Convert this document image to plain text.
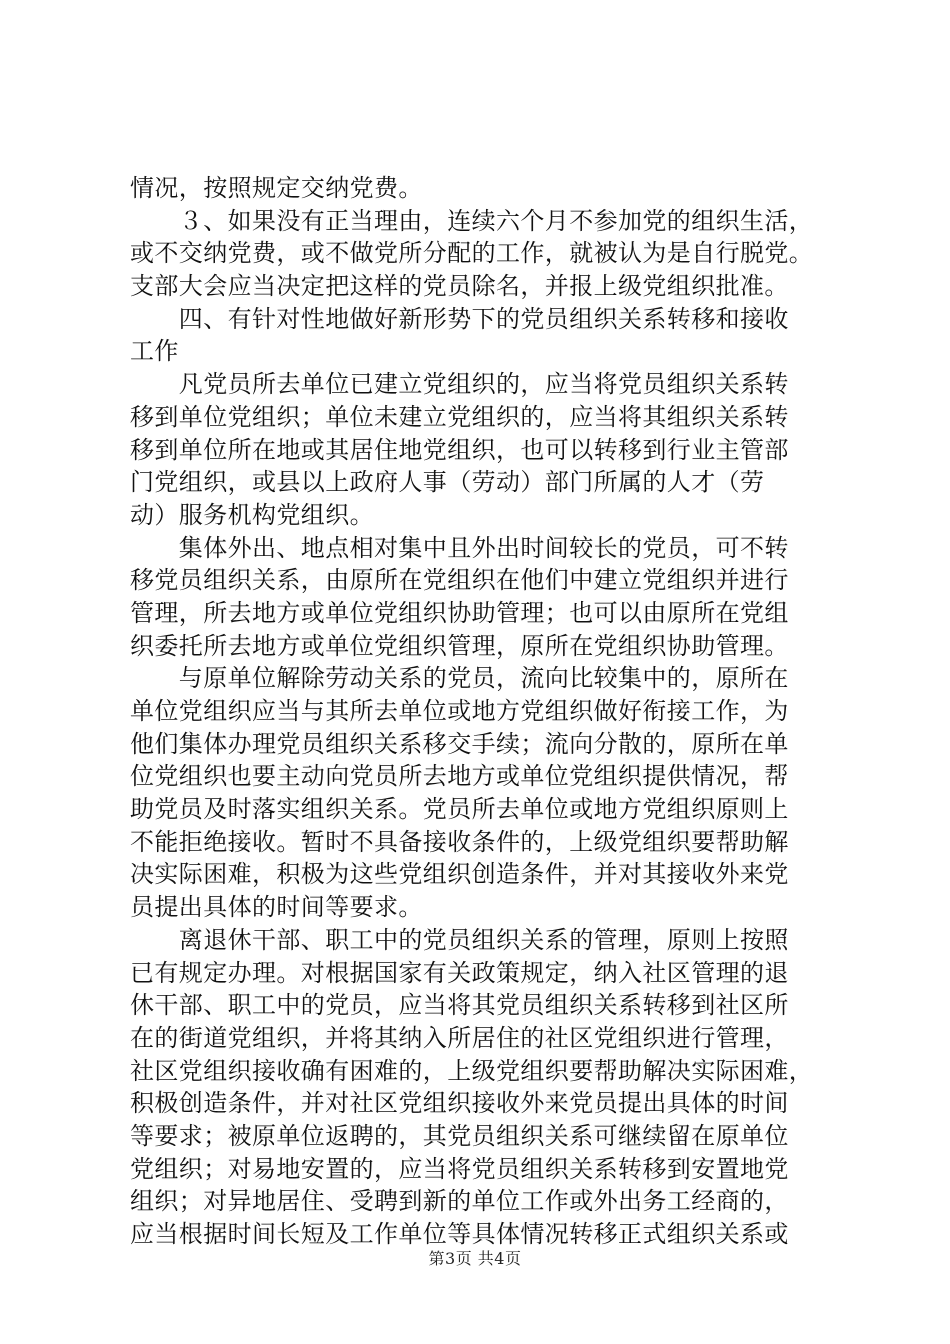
情况，按照规定交纳党费。
　　３、如果没有正当理由，连续六个月不参加党的组织生活，
或不交纳党费，或不做党所分配的工作，就被认为是自行脱党。
支部大会应当决定把这样的党员除名，并报上级党组织批准。
　　四、有针对性地做好新形势下的党员组织关系转移和接收
工作
　　凡党员所去单位已建立党组织的，应当将党员组织关系转
移到单位党组织；单位未建立党组织的，应当将其组织关系转
移到单位所在地或其居住地党组织，也可以转移到行业主管部
门党组织，或县以上政府人事（劳动）部门所属的人才（劳
动）服务机构党组织。
　　集体外出、地点相对集中且外出时间较长的党员，可不转
移党员组织关系，由原所在党组织在他们中建立党组织并进行
管理，所去地方或单位党组织协助管理；也可以由原所在党组
织委托所去地方或单位党组织管理，原所在党组织协助管理。
　　与原单位解除劳动关系的党员，流向比较集中的，原所在
单位党组织应当与其所去单位或地方党组织做好衔接工作，为
他们集体办理党员组织关系移交手续；流向分散的，原所在单
位党组织也要主动向党员所去地方或单位党组织提供情况，帮
助党员及时落实组织关系。党员所去单位或地方党组织原则上
不能拒绝接收。暂时不具备接收条件的，上级党组织要帮助解
决实际困难，积极为这些党组织创造条件，并对其接收外来党
员提出具体的时间等要求。
　　离退休干部、职工中的党员组织关系的管理，原则上按照
已有规定办理。对根据国家有关政策规定，纳入社区管理的退
休干部、职工中的党员，应当将其党员组织关系转移到社区所
在的街道党组织，并将其纳入所居住的社区党组织进行管理，
社区党组织接收确有困难的，上级党组织要帮助解决实际困难，
积极创造条件，并对社区党组织接收外来党员提出具体的时间
等要求；被原单位返聘的，其党员组织关系可继续留在原单位
党组织；对易地安置的，应当将党员组织关系转移到安置地党
组织；对异地居住、受聘到新的单位工作或外出务工经商的，
应当根据时间长短及工作单位等具体情况转移正式组织关系或
第3页 共4页
